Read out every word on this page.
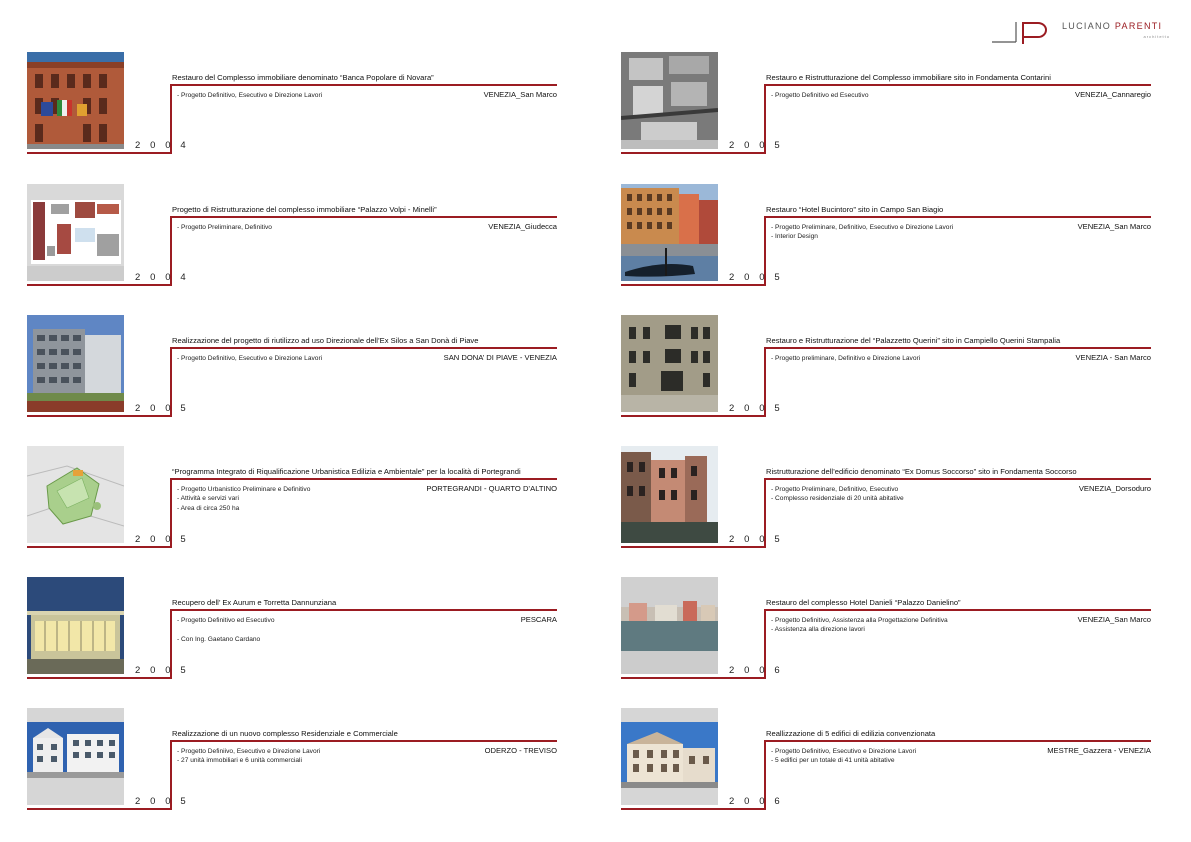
LUCIANO PARENTI
architetto
2 0 0 4
Restauro del Complesso immobiliare denominato “Banca Popolare di Novara”
- Progetto Definitivo, Esecutivo e Direzione Lavori	VENEZIA_San Marco
2 0 0 4
Progetto di Ristrutturazione del complesso immobiliare “Palazzo Volpi - Minelli”
- Progetto Preliminare, Definitivo	VENEZIA_Giudecca
2 0 0 5
Realizzazione del progetto di riutilizzo ad uso Direzionale dell’Ex Silos a San Donà di Piave
- Progetto Definitivo, Esecutivo e Direzione Lavori	SAN DONA’ DI PIAVE - VENEZIA
2 0 0 5
“Programma Integrato di Riqualificazione Urbanistica Edilizia e Ambientale” per la località di Portegrandi
- Progetto Urbanistico Preliminare e Definitivo
- Attività e servizi vari
- Area di circa 250 ha
PORTEGRANDI - QUARTO D’ALTINO
2 0 0 5
Recupero dell’ Ex Aurum e Torretta Dannunziana
- Progetto Definitivo ed Esecutivo

- Con Ing. Gaetano Cardano
PESCARA
2 0 0 5
Realizzazione di un nuovo complesso Residenziale e Commerciale
- Progetto Definiivo, Esecutivo e Direzione Lavori
- 27 unità immobiliari e 6 unità commerciali
ODERZO - TREVISO
2 0 0 5
Restauro e Ristrutturazione del Complesso immobiliare sito in Fondamenta Contarini
- Progetto Definitivo ed Esecutivo	VENEZIA_Cannaregio
2 0 0 5
Restauro “Hotel Bucintoro” sito in Campo San Biagio
- Progetto Preliminare, Definitivo, Esecutivo e Direzione Lavori
- Interior Design
VENEZIA_San Marco
2 0 0 5
Restauro e Ristrutturazione del “Palazzetto Querini” sito in Campiello Querini Stampalia
- Progetto preliminare, Definitivo e Direzione Lavori	VENEZIA - San Marco
2 0 0 5
Ristrutturazione dell’edificio denominato “Ex Domus Soccorso” sito in Fondamenta Soccorso
- Progetto Preliminare, Definitivo, Esecutivo
- Complesso residenziale di 20 unità abitative
VENEZIA_Dorsoduro
2 0 0 6
Restauro del complesso Hotel Danieli “Palazzo Danielino”
- Progetto Definitivo, Assistenza alla Progettazione Definitiva
- Assistenza alla direzione lavori
VENEZIA_San Marco
2 0 0 6
Reallizzazione di 5 edifici di edilizia convenzionata
- Progetto Definitivo, Esecutivo e Direzione Lavori
- 5 edifici per un totale di 41 unità abitative
MESTRE_Gazzera - VENEZIA
